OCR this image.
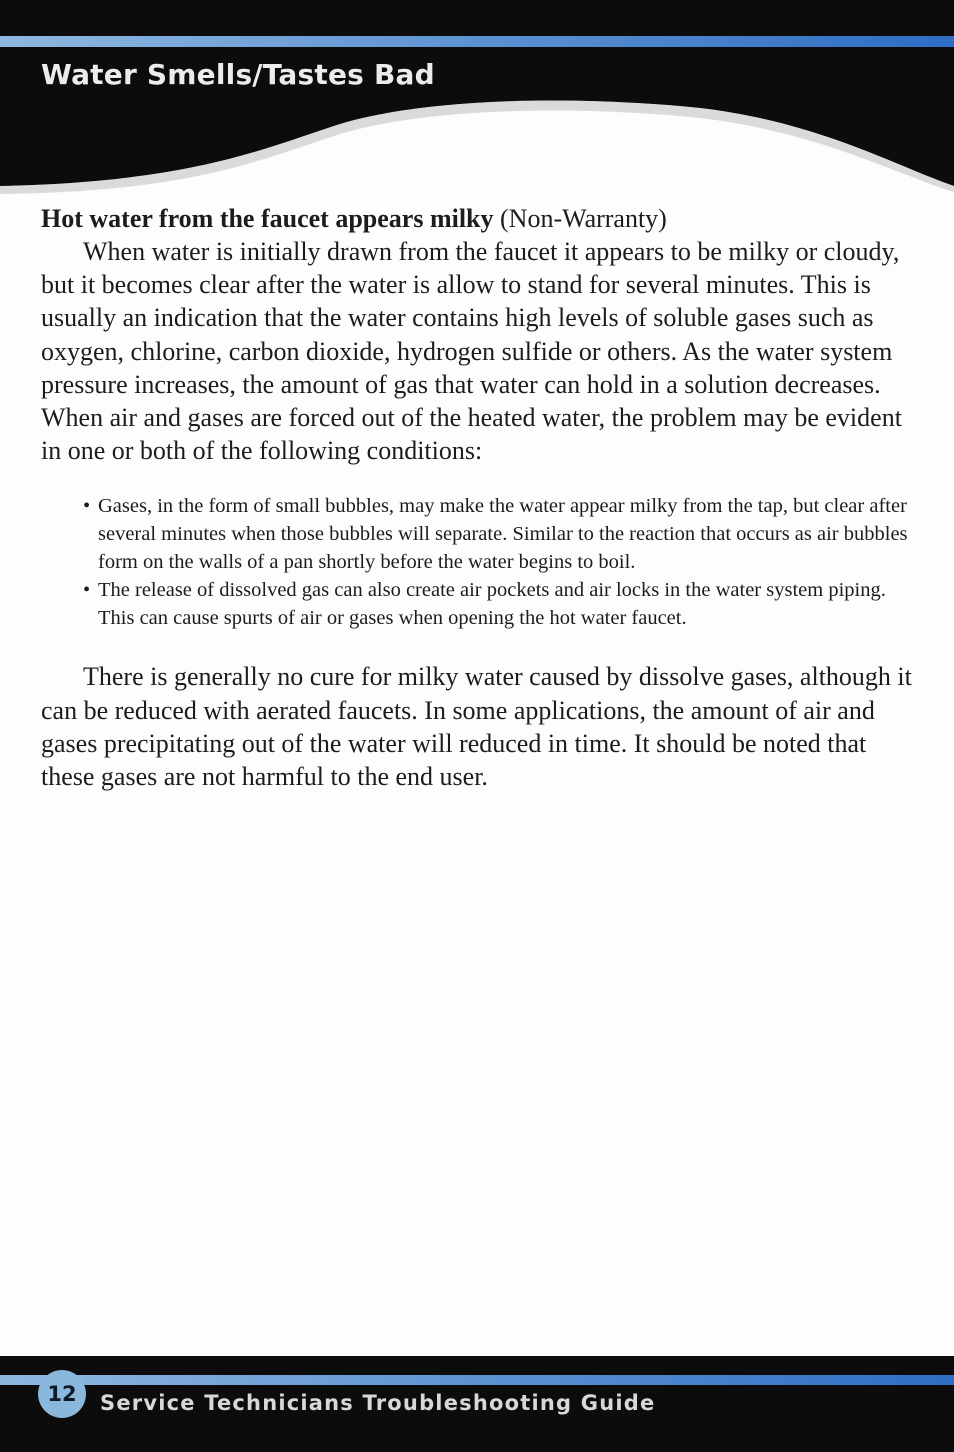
Water Smells/Tastes Bad

Hot water from the faucet appears milky (Non-Warranty)

When water is initially drawn from the faucet it appears to be milky or cloudy, but it becomes clear after the water is allow to stand for several minutes. This is usually an indication that the water contains high levels of soluble gases such as oxygen, chlorine, carbon dioxide, hydrogen sulfide or others. As the water system pressure increases, the amount of gas that water can hold in a solution decreases. When air and gases are forced out of the heated water, the problem may be evident in one or both of the following conditions:

• Gases, in the form of small bubbles, may make the water appear milky from the tap, but clear after several minutes when those bubbles will separate. Similar to the reaction that occurs as air bubbles form on the walls of a pan shortly before the water begins to boil.
• The release of dissolved gas can also create air pockets and air locks in the water system piping. This can cause spurts of air or gases when opening the hot water faucet.

There is generally no cure for milky water caused by dissolve gases, although it can be reduced with aerated faucets. In some applications, the amount of air and gases precipitating out of the water will reduced in time. It should be noted that these gases are not harmful to the end user.

12	Service Technicians Troubleshooting Guide
